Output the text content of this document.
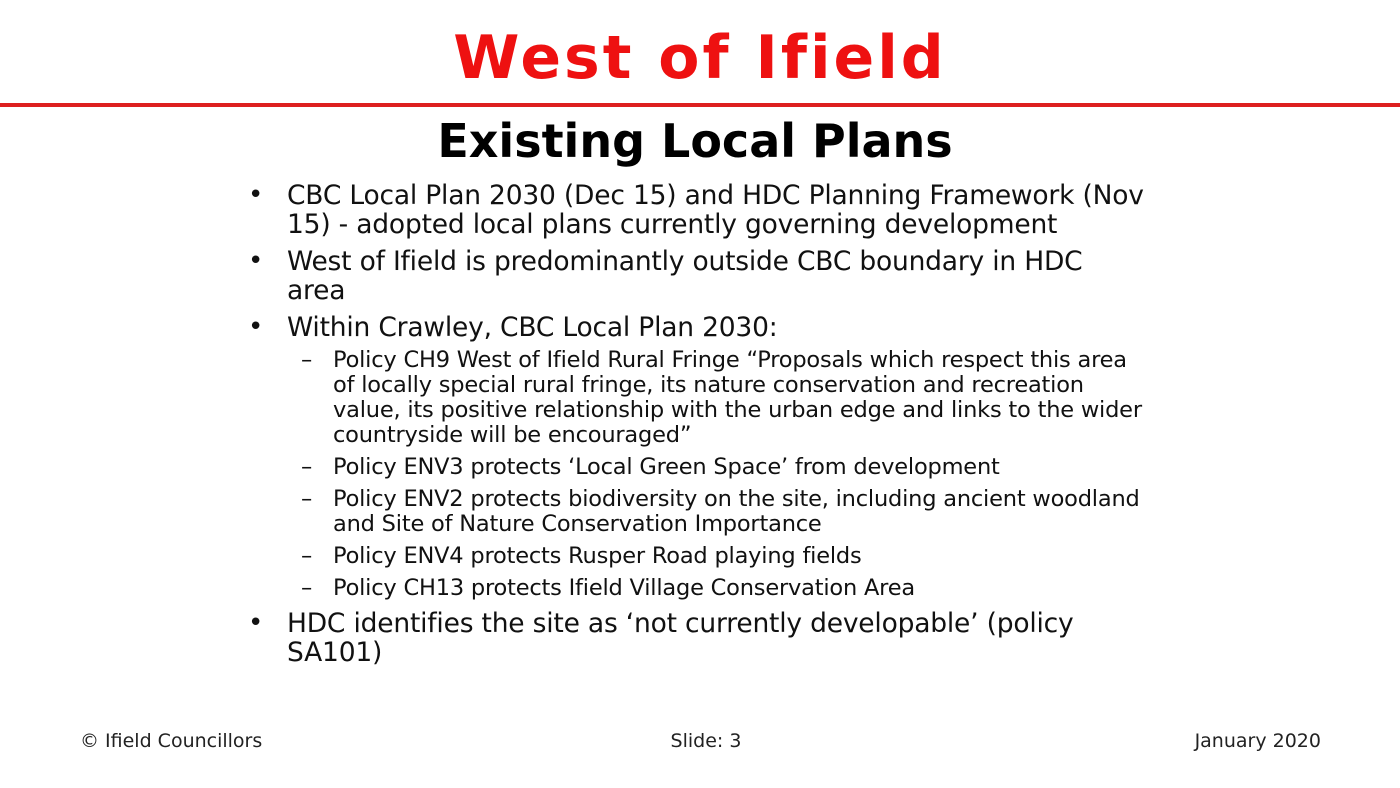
West of Ifield
Existing Local Plans
• CBC Local Plan 2030 (Dec 15) and HDC Planning Framework (Nov 15) - adopted local plans currently governing development
• West of Ifield is predominantly outside CBC boundary in HDC area
• Within Crawley, CBC Local Plan 2030:
– Policy CH9 West of Ifield Rural Fringe “Proposals which respect this area of locally special rural fringe, its nature conservation and recreation value, its positive relationship with the urban edge and links to the wider countryside will be encouraged”
– Policy ENV3 protects ‘Local Green Space’ from development
– Policy ENV2 protects biodiversity on the site, including ancient woodland and Site of Nature Conservation Importance
– Policy ENV4 protects Rusper Road playing fields
– Policy CH13 protects Ifield Village Conservation Area
• HDC identifies the site as ‘not currently developable’ (policy SA101)
© Ifield Councillors	Slide: 3	January 2020
